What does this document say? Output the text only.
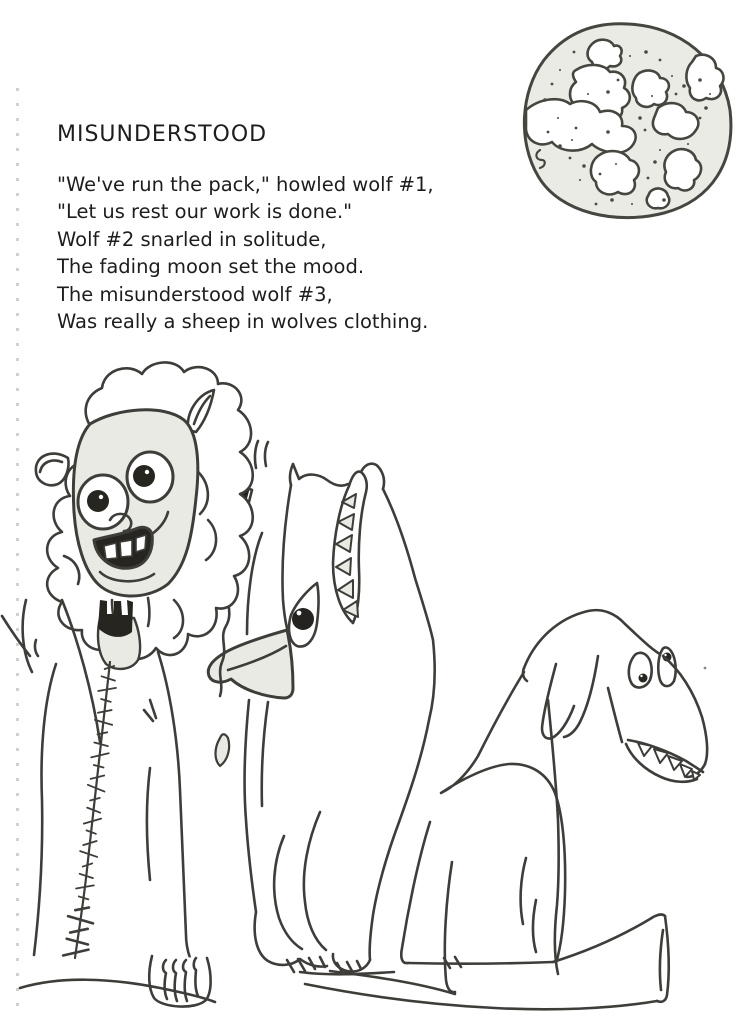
MISUNDERSTOOD
"We've run the pack," howled wolf #1,
"Let us rest our work is done."
Wolf #2 snarled in solitude,
The fading moon set the mood.
The misunderstood wolf #3,
Was really a sheep in wolves clothing.
